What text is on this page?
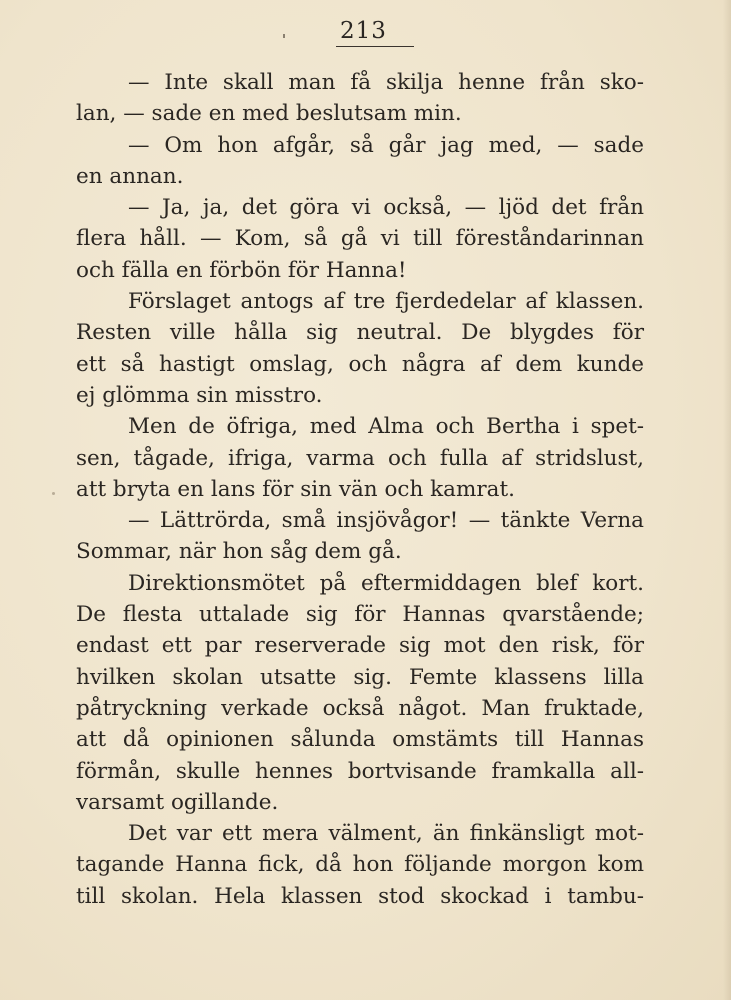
213
— Inte skall man få skilja henne från sko-
lan, — sade en med beslutsam min.
— Om hon afgår, så går jag med, — sade
en annan.
— Ja, ja, det göra vi också, — ljöd det från
flera håll. — Kom, så gå vi till föreståndarinnan
och fälla en förbön för Hanna!
Förslaget antogs af tre fjerdedelar af klassen.
Resten ville hålla sig neutral. De blygdes för
ett så hastigt omslag, och några af dem kunde
ej glömma sin misstro.
Men de öfriga, med Alma och Bertha i spet-
sen, tågade, ifriga, varma och fulla af stridslust,
att bryta en lans för sin vän och kamrat.
— Lättrörda, små insjövågor! — tänkte Verna
Sommar, när hon såg dem gå.
Direktionsmötet på eftermiddagen blef kort.
De flesta uttalade sig för Hannas qvarstående;
endast ett par reserverade sig mot den risk, för
hvilken skolan utsatte sig. Femte klassens lilla
påtryckning verkade också något. Man fruktade,
att då opinionen sålunda omstämts till Hannas
förmån, skulle hennes bortvisande framkalla all-
varsamt ogillande.
Det var ett mera välment, än finkänsligt mot-
tagande Hanna fick, då hon följande morgon kom
till skolan. Hela klassen stod skockad i tambu-
